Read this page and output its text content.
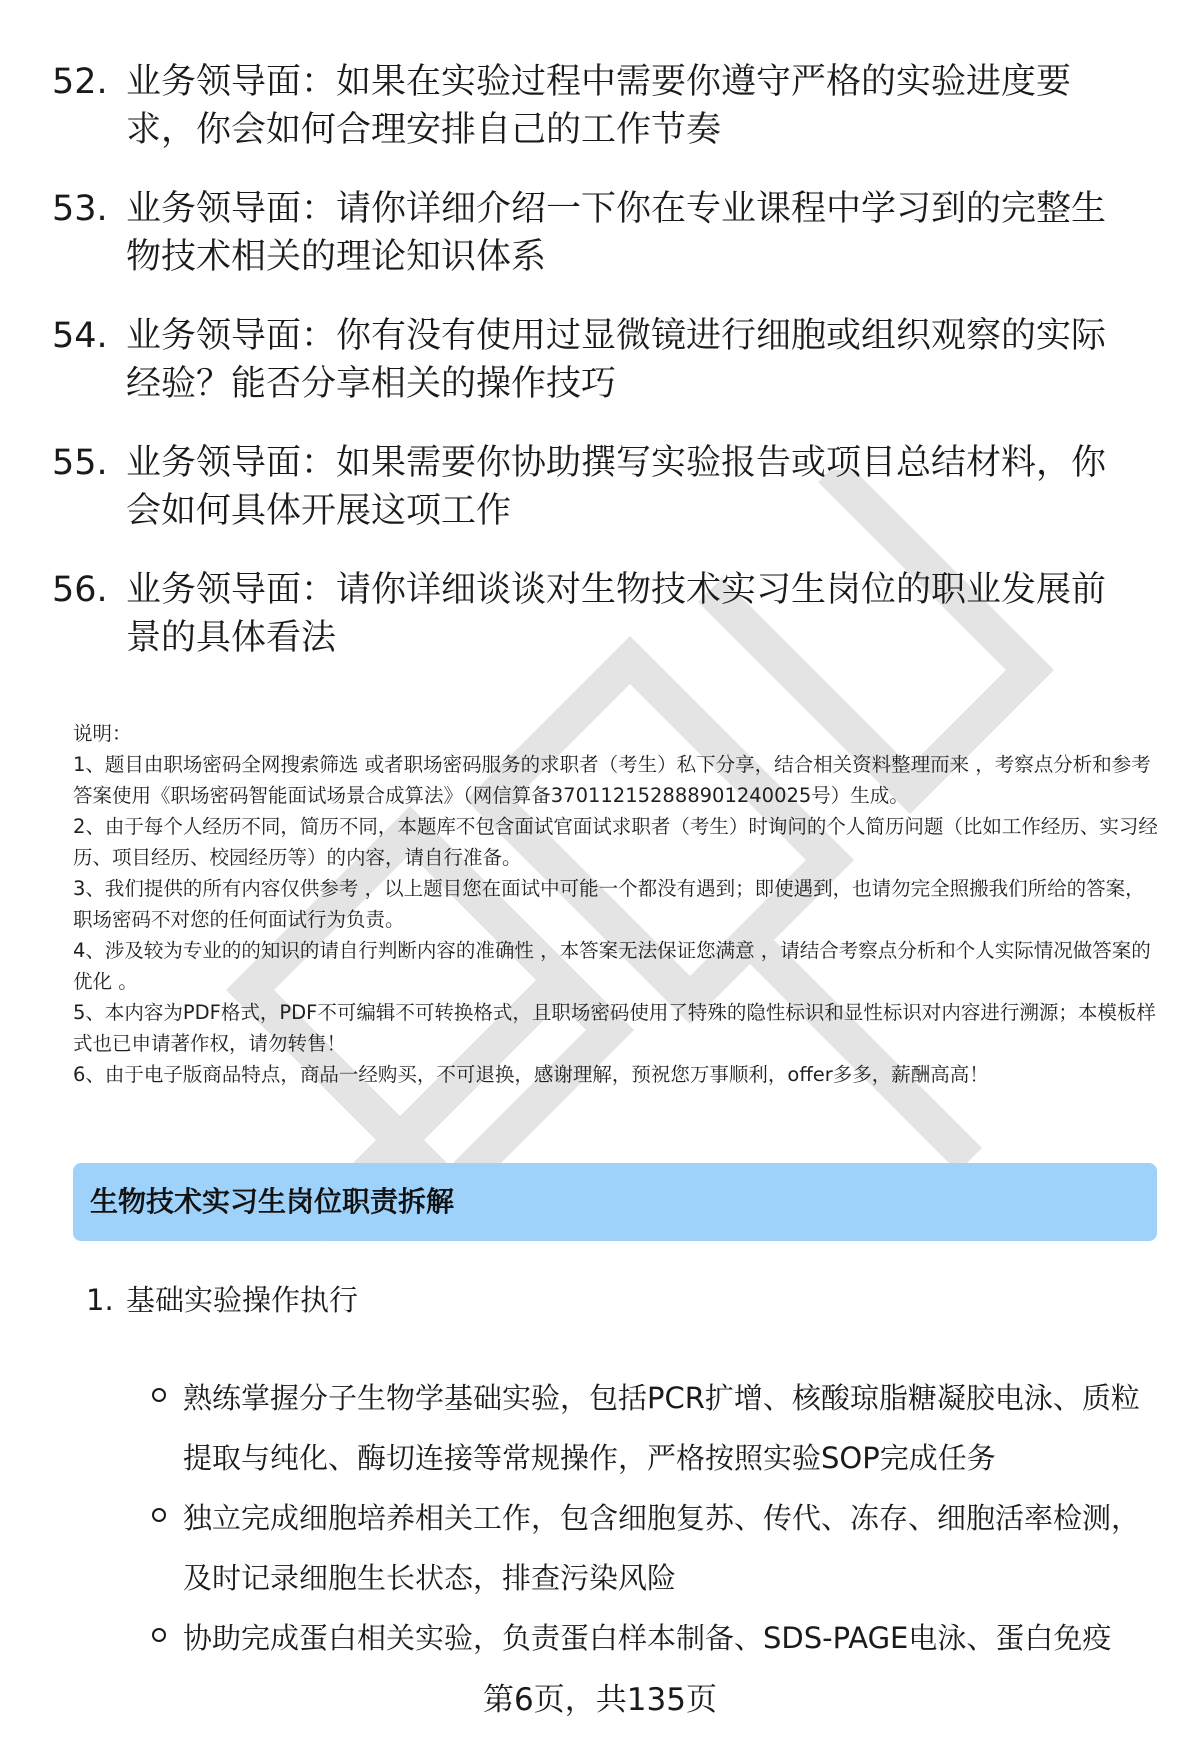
52. 业务领导面：如果在实验过程中需要你遵守严格的实验进度要求，你会如何合理安排自己的工作节奏
53. 业务领导面：请你详细介绍一下你在专业课程中学习到的完整生物技术相关的理论知识体系
54. 业务领导面：你有没有使用过显微镜进行细胞或组织观察的实际经验？能否分享相关的操作技巧
55. 业务领导面：如果需要你协助撰写实验报告或项目总结材料，你会如何具体开展这项工作
56. 业务领导面：请你详细谈谈对生物技术实习生岗位的职业发展前景的具体看法

说明：

1、题目由职场密码全网搜索筛选 或者职场密码服务的求职者（考生）私下分享，结合相关资料整理而来 ，考察点分析和参考答案使用《职场密码智能面试场景合成算法》（网信算备370112152888901240025号）生成。

2、由于每个人经历不同，简历不同，本题库不包含面试官面试求职者（考生）时询问的个人简历问题（比如工作经历、实习经历、项目经历、校园经历等）的内容，请自行准备。

3、我们提供的所有内容仅供参考 ，以上题目您在面试中可能一个都没有遇到；即使遇到，也请勿完全照搬我们所给的答案，职场密码不对您的任何面试行为负责。

4、涉及较为专业的的知识的请自行判断内容的准确性 ，本答案无法保证您满意 ，请结合考察点分析和个人实际情况做答案的优化 。

5、本内容为PDF格式，PDF不可编辑不可转换格式，且职场密码使用了特殊的隐性标识和显性标识对内容进行溯源；本模板样式也已申请著作权，请勿转售！

6、由于电子版商品特点，商品一经购买，不可退换，感谢理解，预祝您万事顺利，offer多多，薪酬高高！

生物技术实习生岗位职责拆解
1. 基础实验操作执行
熟练掌握分子生物学基础实验，包括PCR扩增、核酸琼脂糖凝胶电泳、质粒提取与纯化、酶切连接等常规操作，严格按照实验SOP完成任务
独立完成细胞培养相关工作，包含细胞复苏、传代、冻存、细胞活率检测，及时记录细胞生长状态，排查污染风险
协助完成蛋白相关实验，负责蛋白样本制备、SDS-PAGE电泳、蛋白免疫
第6页，共135页
